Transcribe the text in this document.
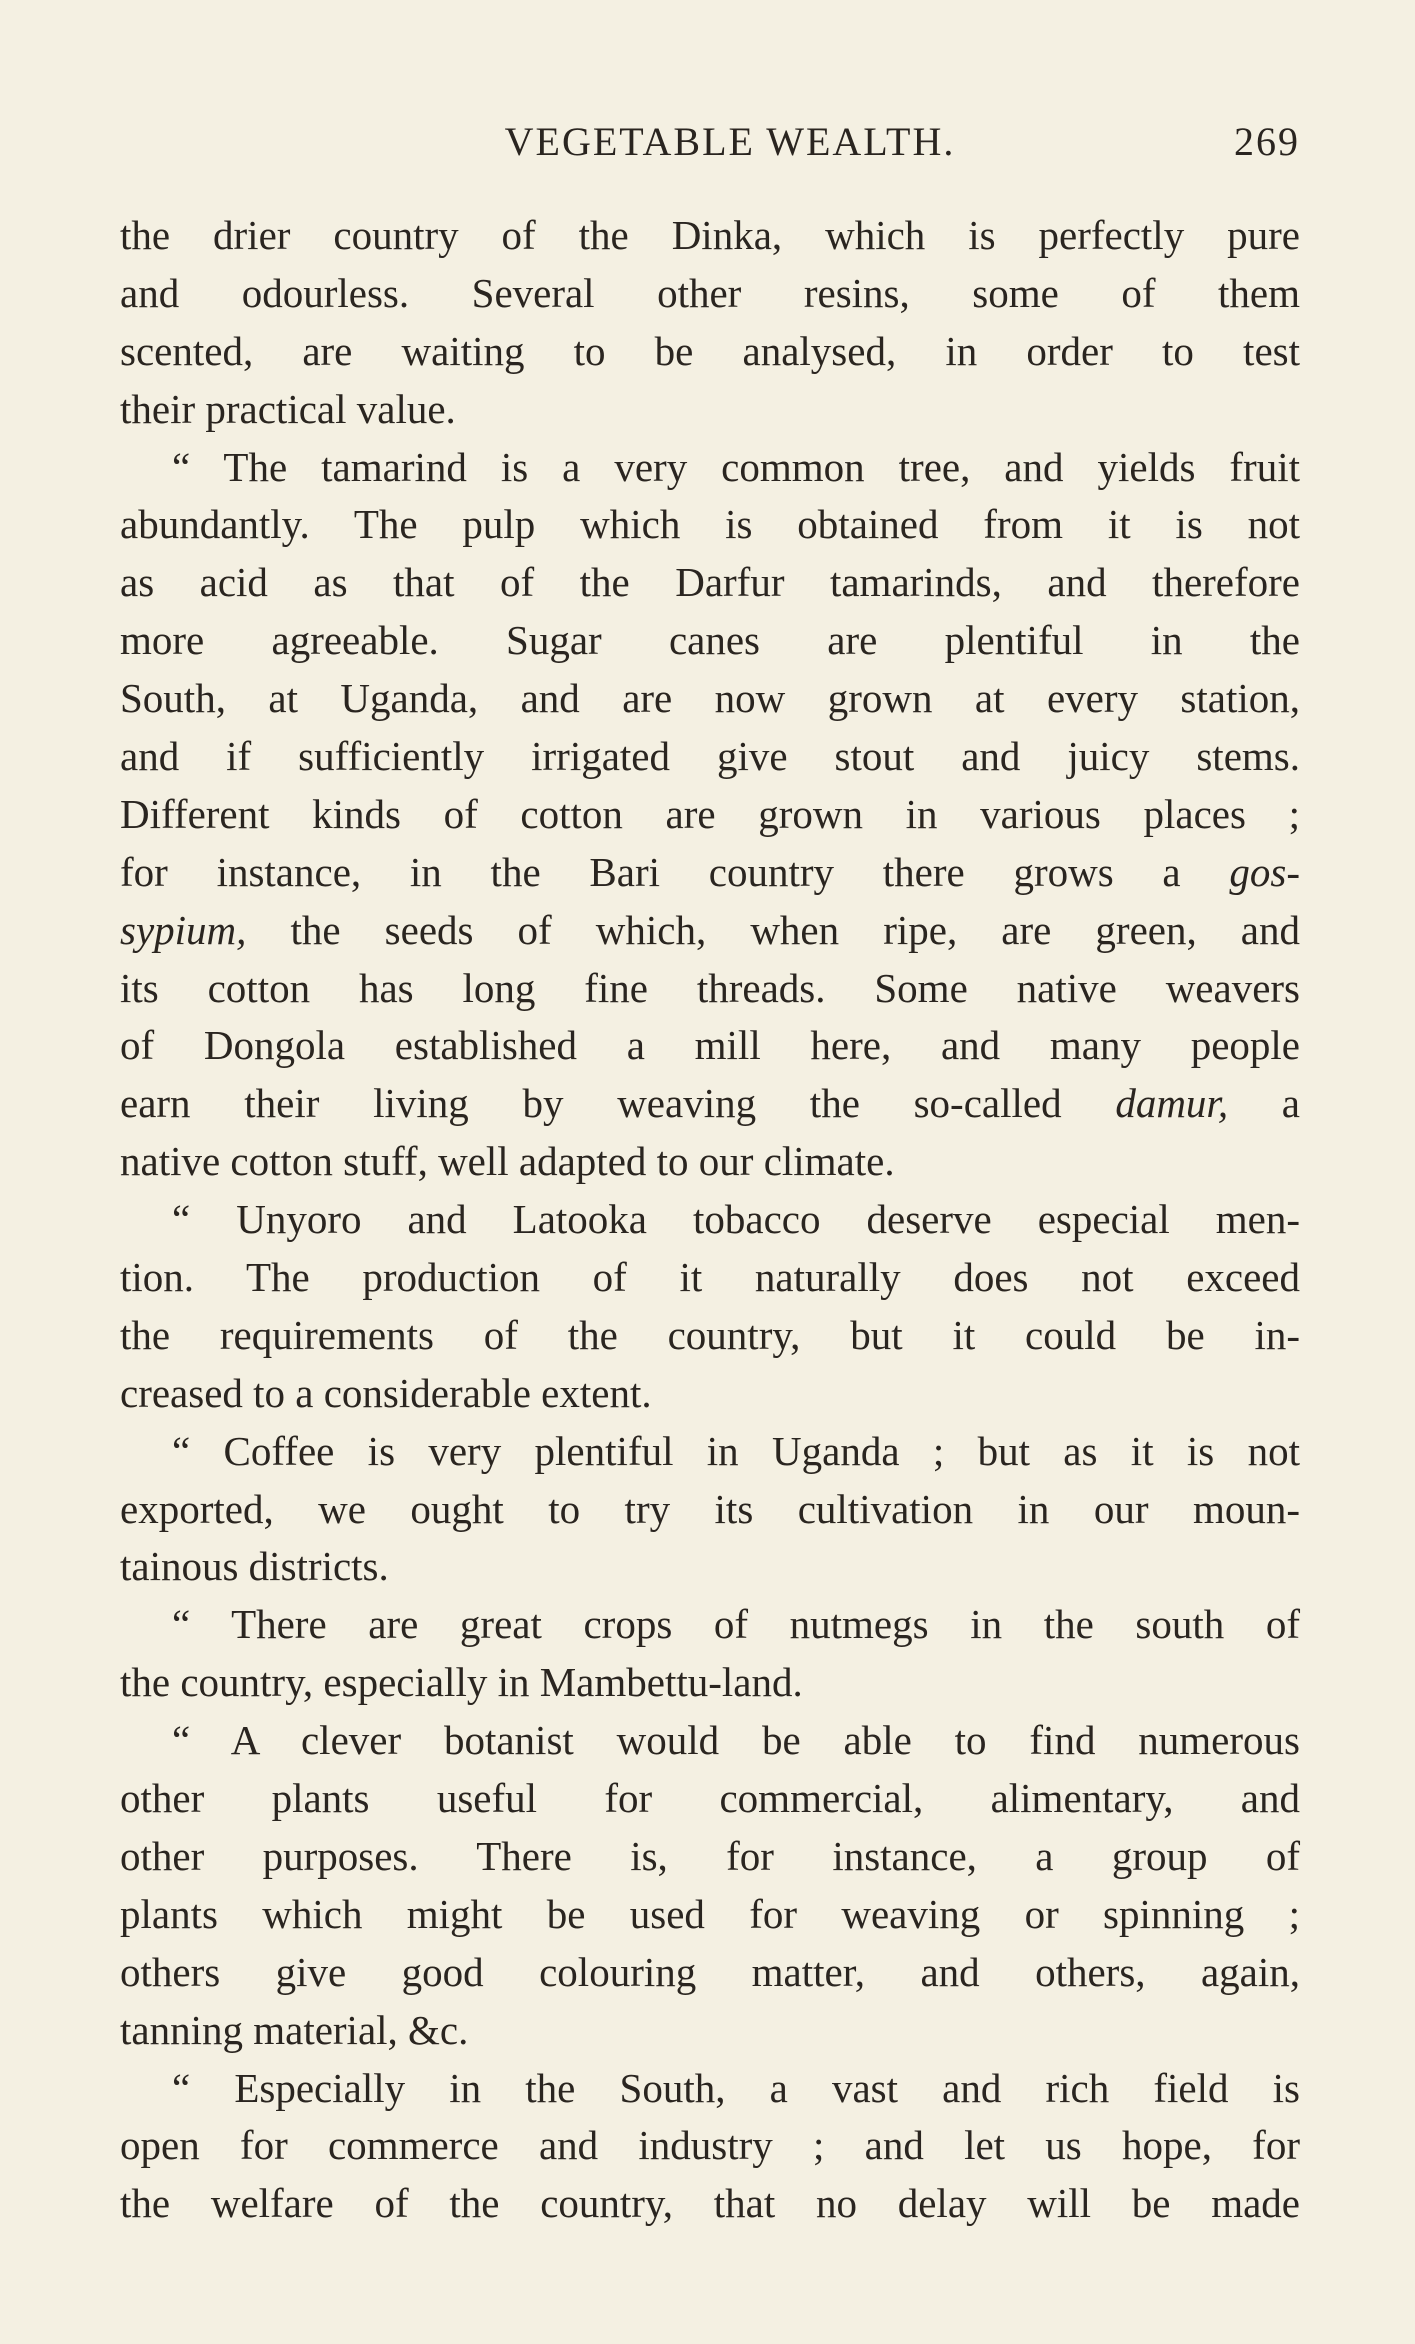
VEGETABLE WEALTH.	269
the drier country of the Dinka, which is perfectly pure
and odourless. Several other resins, some of them
scented, are waiting to be analysed, in order to test
their practical value.
“ The tamarind is a very common tree, and yields fruit
abundantly. The pulp which is obtained from it is not
as acid as that of the Darfur tamarinds, and therefore
more agreeable. Sugar canes are plentiful in the
South, at Uganda, and are now grown at every station,
and if sufficiently irrigated give stout and juicy stems.
Different kinds of cotton are grown in various places ;
for instance, in the Bari country there grows a gos-
sypium, the seeds of which, when ripe, are green, and
its cotton has long fine threads. Some native weavers
of Dongola established a mill here, and many people
earn their living by weaving the so-called damur, a
native cotton stuff, well adapted to our climate.
“ Unyoro and Latooka tobacco deserve especial men-
tion. The production of it naturally does not exceed
the requirements of the country, but it could be in-
creased to a considerable extent.
“ Coffee is very plentiful in Uganda ; but as it is not
exported, we ought to try its cultivation in our moun-
tainous districts.
“ There are great crops of nutmegs in the south of
the country, especially in Mambettu-land.
“ A clever botanist would be able to find numerous
other plants useful for commercial, alimentary, and
other purposes. There is, for instance, a group of
plants which might be used for weaving or spinning ;
others give good colouring matter, and others, again,
tanning material, &c.
“ Especially in the South, a vast and rich field is
open for commerce and industry ; and let us hope, for
the welfare of the country, that no delay will be made
